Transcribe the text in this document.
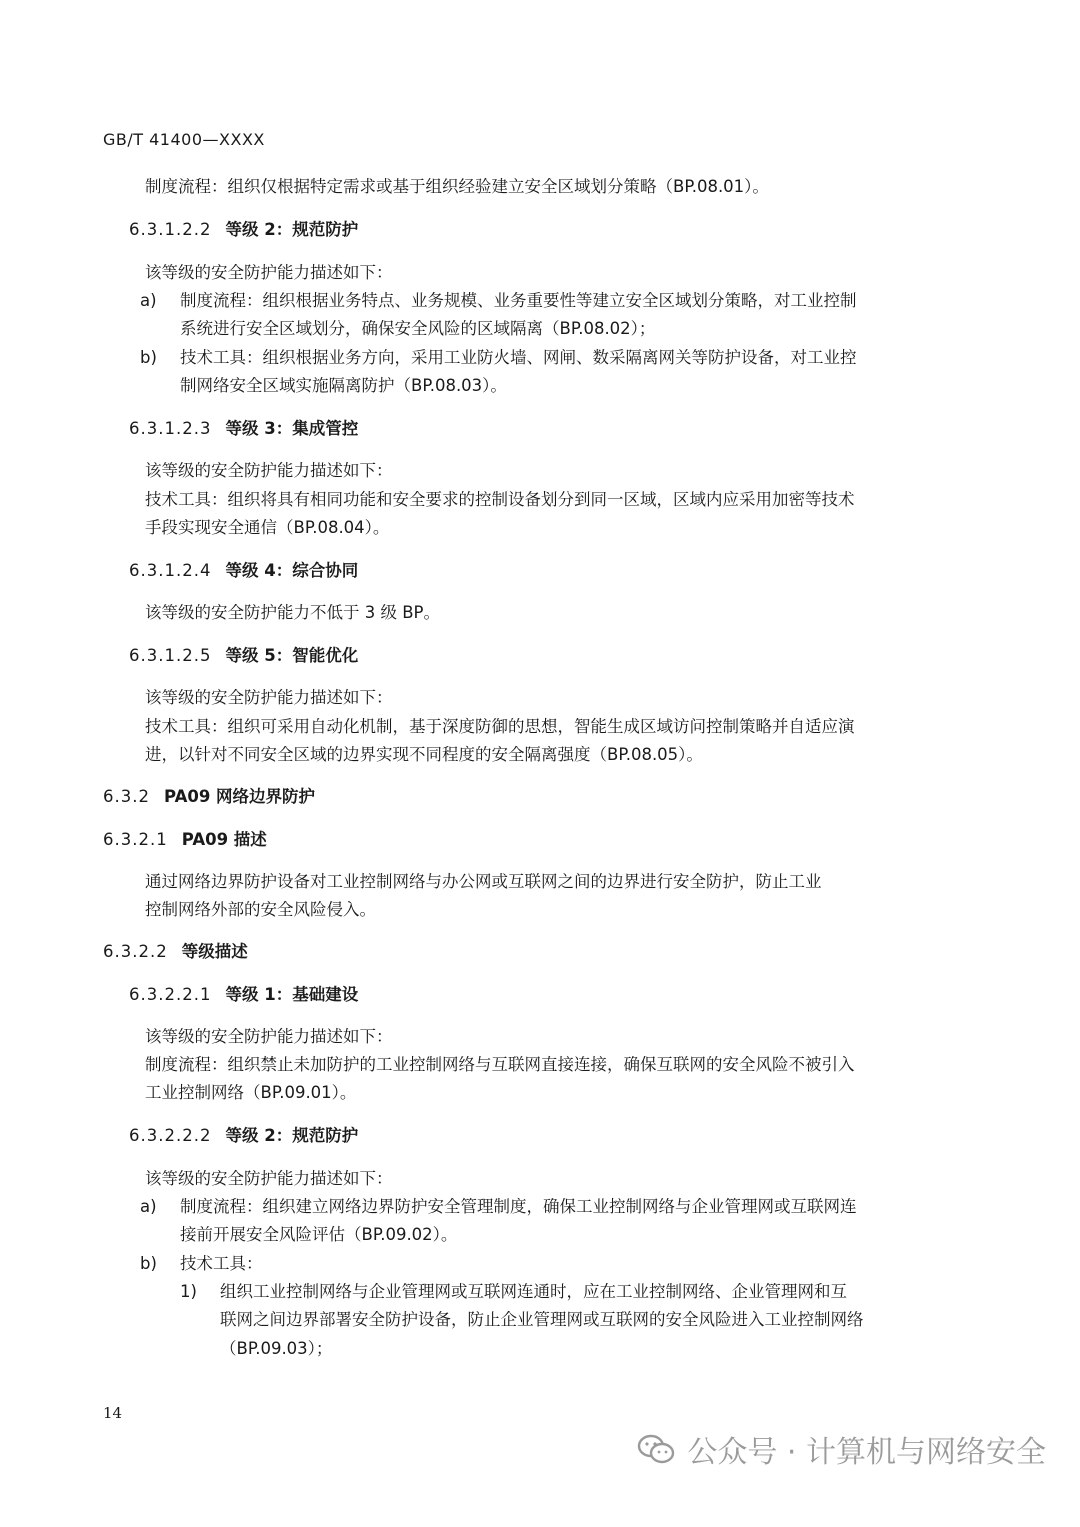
GB/T 41400—XXXX
制度流程：组织仅根据特定需求或基于组织经验建立安全区域划分策略（BP.08.01）。
6.3.1.2.2 等级 2：规范防护
该等级的安全防护能力描述如下：
a) 制度流程：组织根据业务特点、业务规模、业务重要性等建立安全区域划分策略，对工业控制
系统进行安全区域划分，确保安全风险的区域隔离（BP.08.02）；
b) 技术工具：组织根据业务方向，采用工业防火墙、网闸、数采隔离网关等防护设备，对工业控
制网络安全区域实施隔离防护（BP.08.03）。
6.3.1.2.3 等级 3：集成管控
该等级的安全防护能力描述如下：
技术工具：组织将具有相同功能和安全要求的控制设备划分到同一区域，区域内应采用加密等技术
手段实现安全通信（BP.08.04）。
6.3.1.2.4 等级 4：综合协同
该等级的安全防护能力不低于 3 级 BP。
6.3.1.2.5 等级 5：智能优化
该等级的安全防护能力描述如下：
技术工具：组织可采用自动化机制，基于深度防御的思想，智能生成区域访问控制策略并自适应演
进，以针对不同安全区域的边界实现不同程度的安全隔离强度（BP.08.05）。
6.3.2 PA09 网络边界防护
6.3.2.1 PA09 描述
通过网络边界防护设备对工业控制网络与办公网或互联网之间的边界进行安全防护，防止工业
控制网络外部的安全风险侵入。
6.3.2.2 等级描述
6.3.2.2.1 等级 1：基础建设
该等级的安全防护能力描述如下：
制度流程：组织禁止未加防护的工业控制网络与互联网直接连接，确保互联网的安全风险不被引入
工业控制网络（BP.09.01）。
6.3.2.2.2 等级 2：规范防护
该等级的安全防护能力描述如下：
a) 制度流程：组织建立网络边界防护安全管理制度，确保工业控制网络与企业管理网或互联网连
接前开展安全风险评估（BP.09.02）。
b) 技术工具：
1) 组织工业控制网络与企业管理网或互联网连通时，应在工业控制网络、企业管理网和互
联网之间边界部署安全防护设备，防止企业管理网或互联网的安全风险进入工业控制网络
（BP.09.03）；
14
公众号 · 计算机与网络安全
